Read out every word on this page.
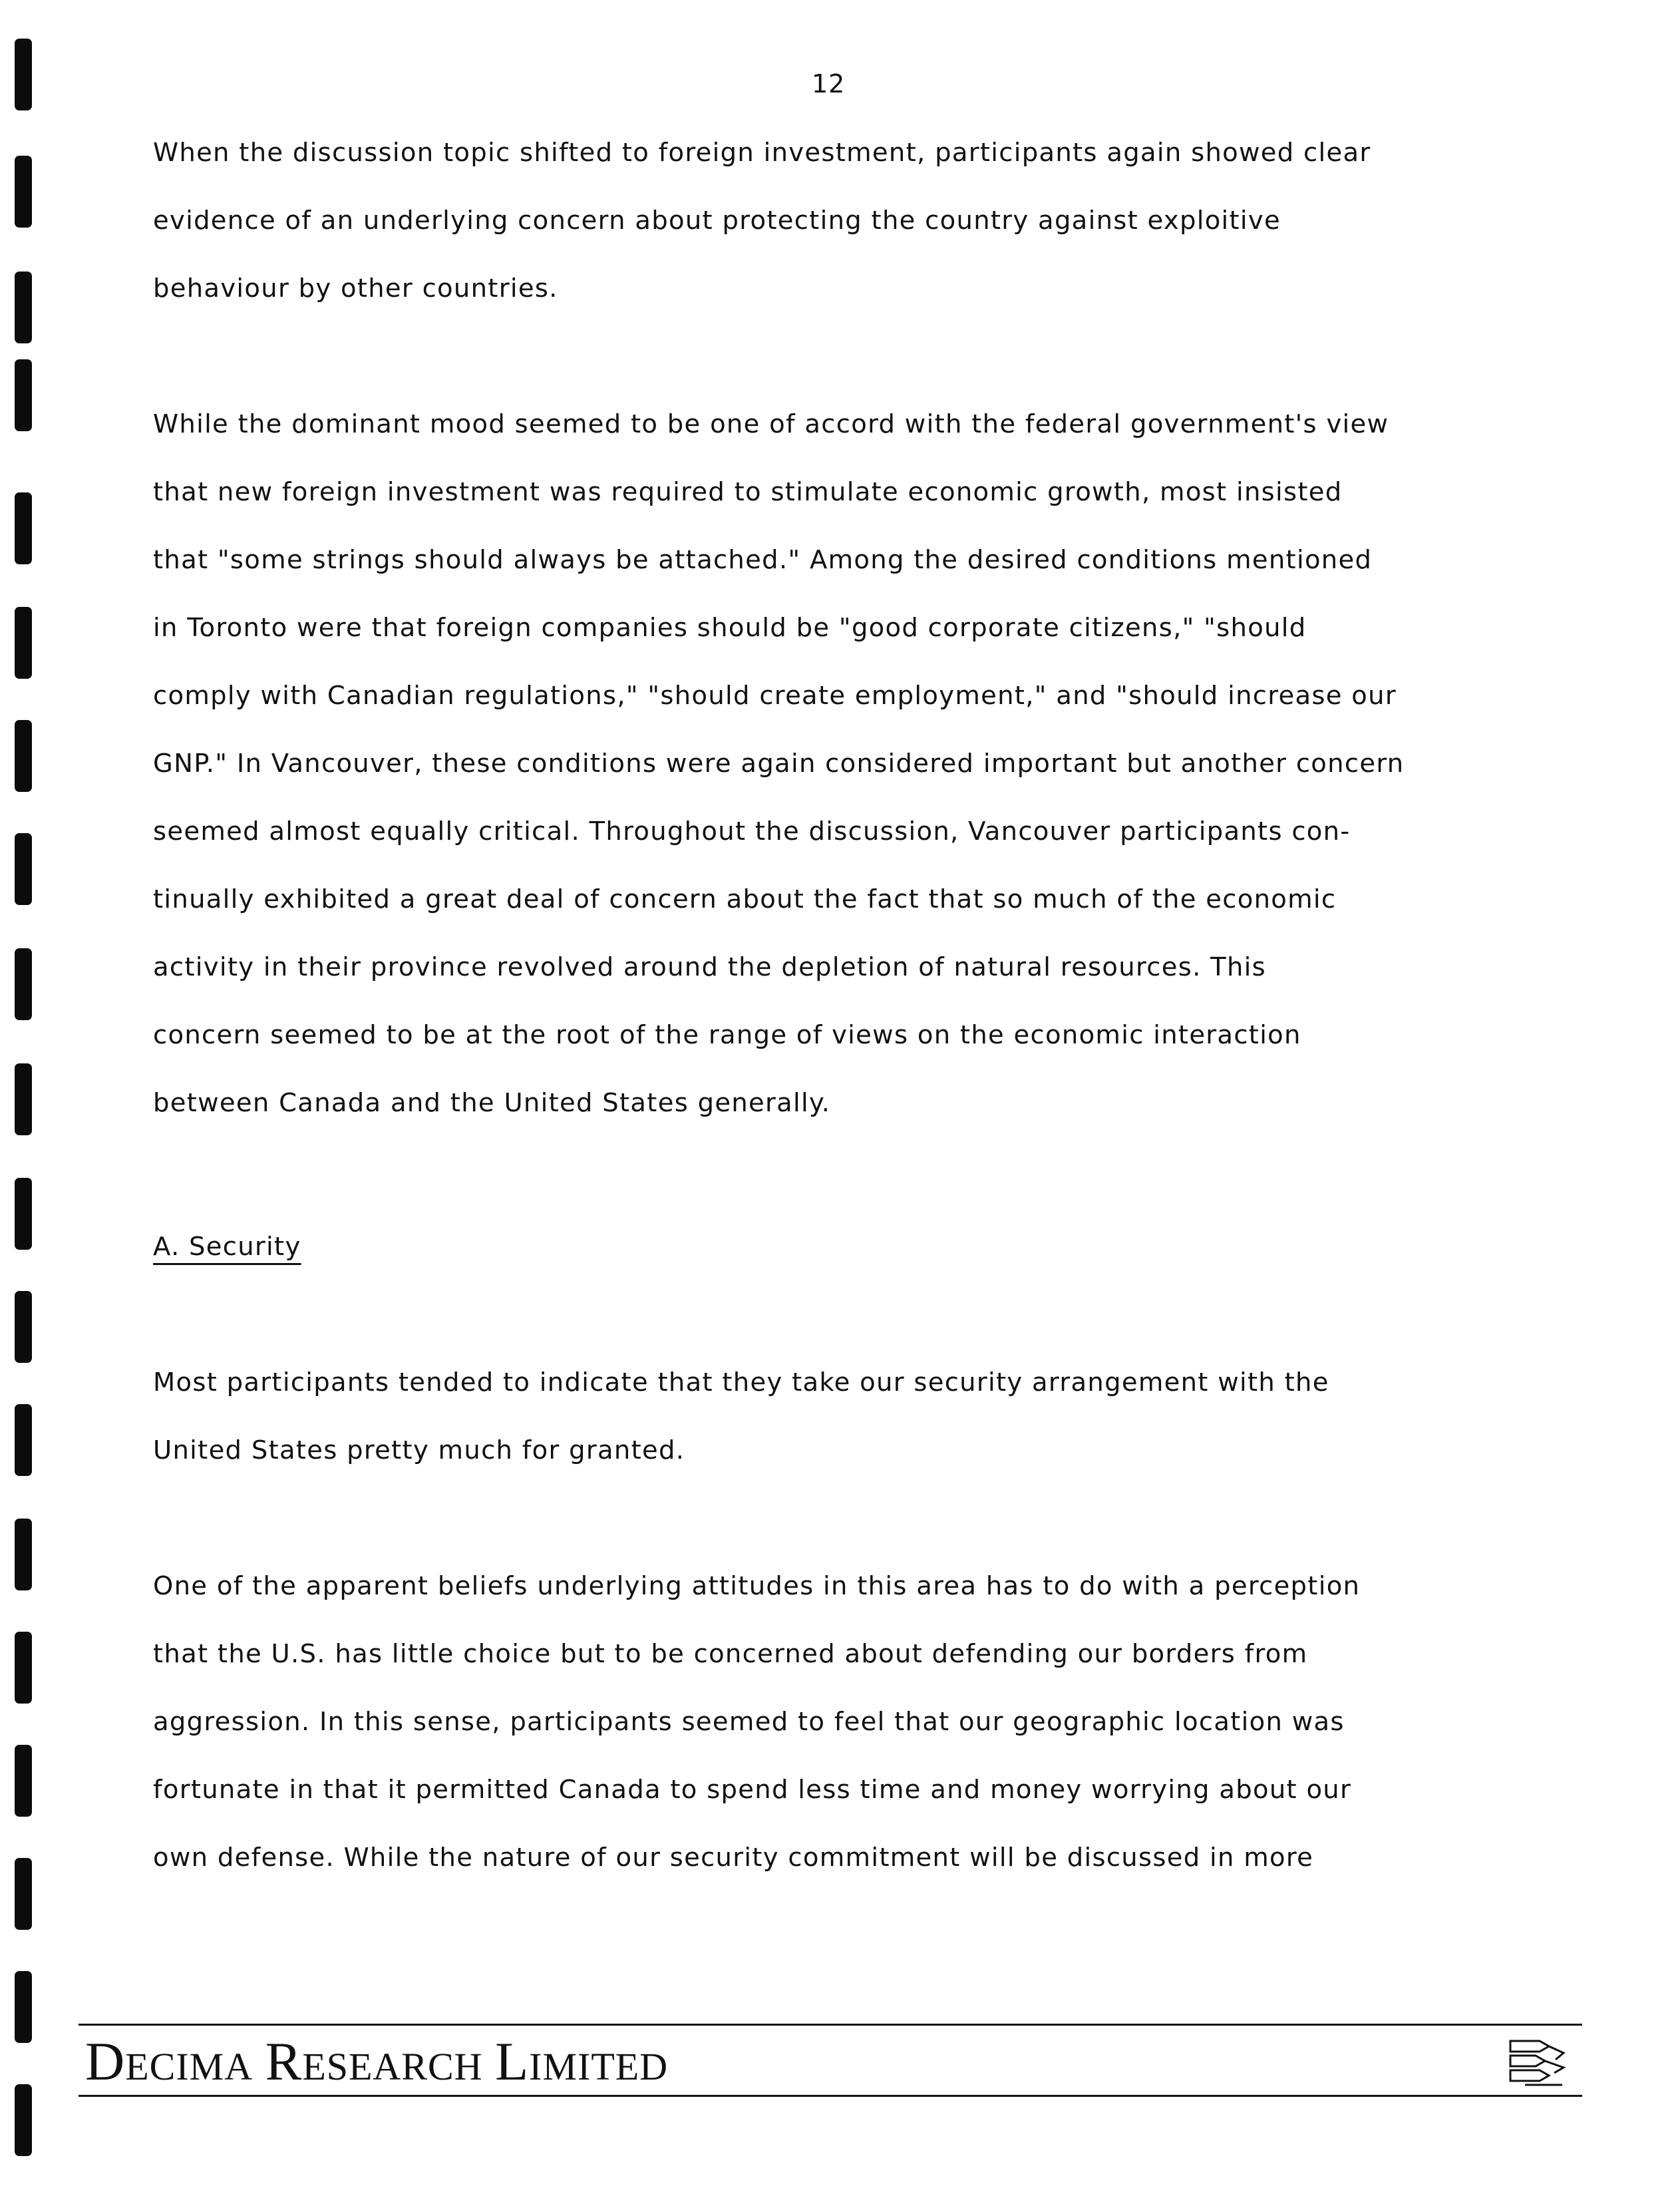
12

When the discussion topic shifted to foreign investment, participants again showed clear
evidence of an underlying concern about protecting the country against exploitive
behaviour by other countries.

While the dominant mood seemed to be one of accord with the federal government's view
that new foreign investment was required to stimulate economic growth, most insisted
that "some strings should always be attached." Among the desired conditions mentioned
in Toronto were that foreign companies should be "good corporate citizens," "should
comply with Canadian regulations," "should create employment," and "should increase our
GNP." In Vancouver, these conditions were again considered important but another concern
seemed almost equally critical. Throughout the discussion, Vancouver participants con-
tinually exhibited a great deal of concern about the fact that so much of the economic
activity in their province revolved around the depletion of natural resources. This
concern seemed to be at the root of the range of views on the economic interaction
between Canada and the United States generally.

A. Security

Most participants tended to indicate that they take our security arrangement with the
United States pretty much for granted.

One of the apparent beliefs underlying attitudes in this area has to do with a perception
that the U.S. has little choice but to be concerned about defending our borders from
aggression. In this sense, participants seemed to feel that our geographic location was
fortunate in that it permitted Canada to spend less time and money worrying about our
own defense. While the nature of our security commitment will be discussed in more

DECIMA RESEARCH LIMITED
